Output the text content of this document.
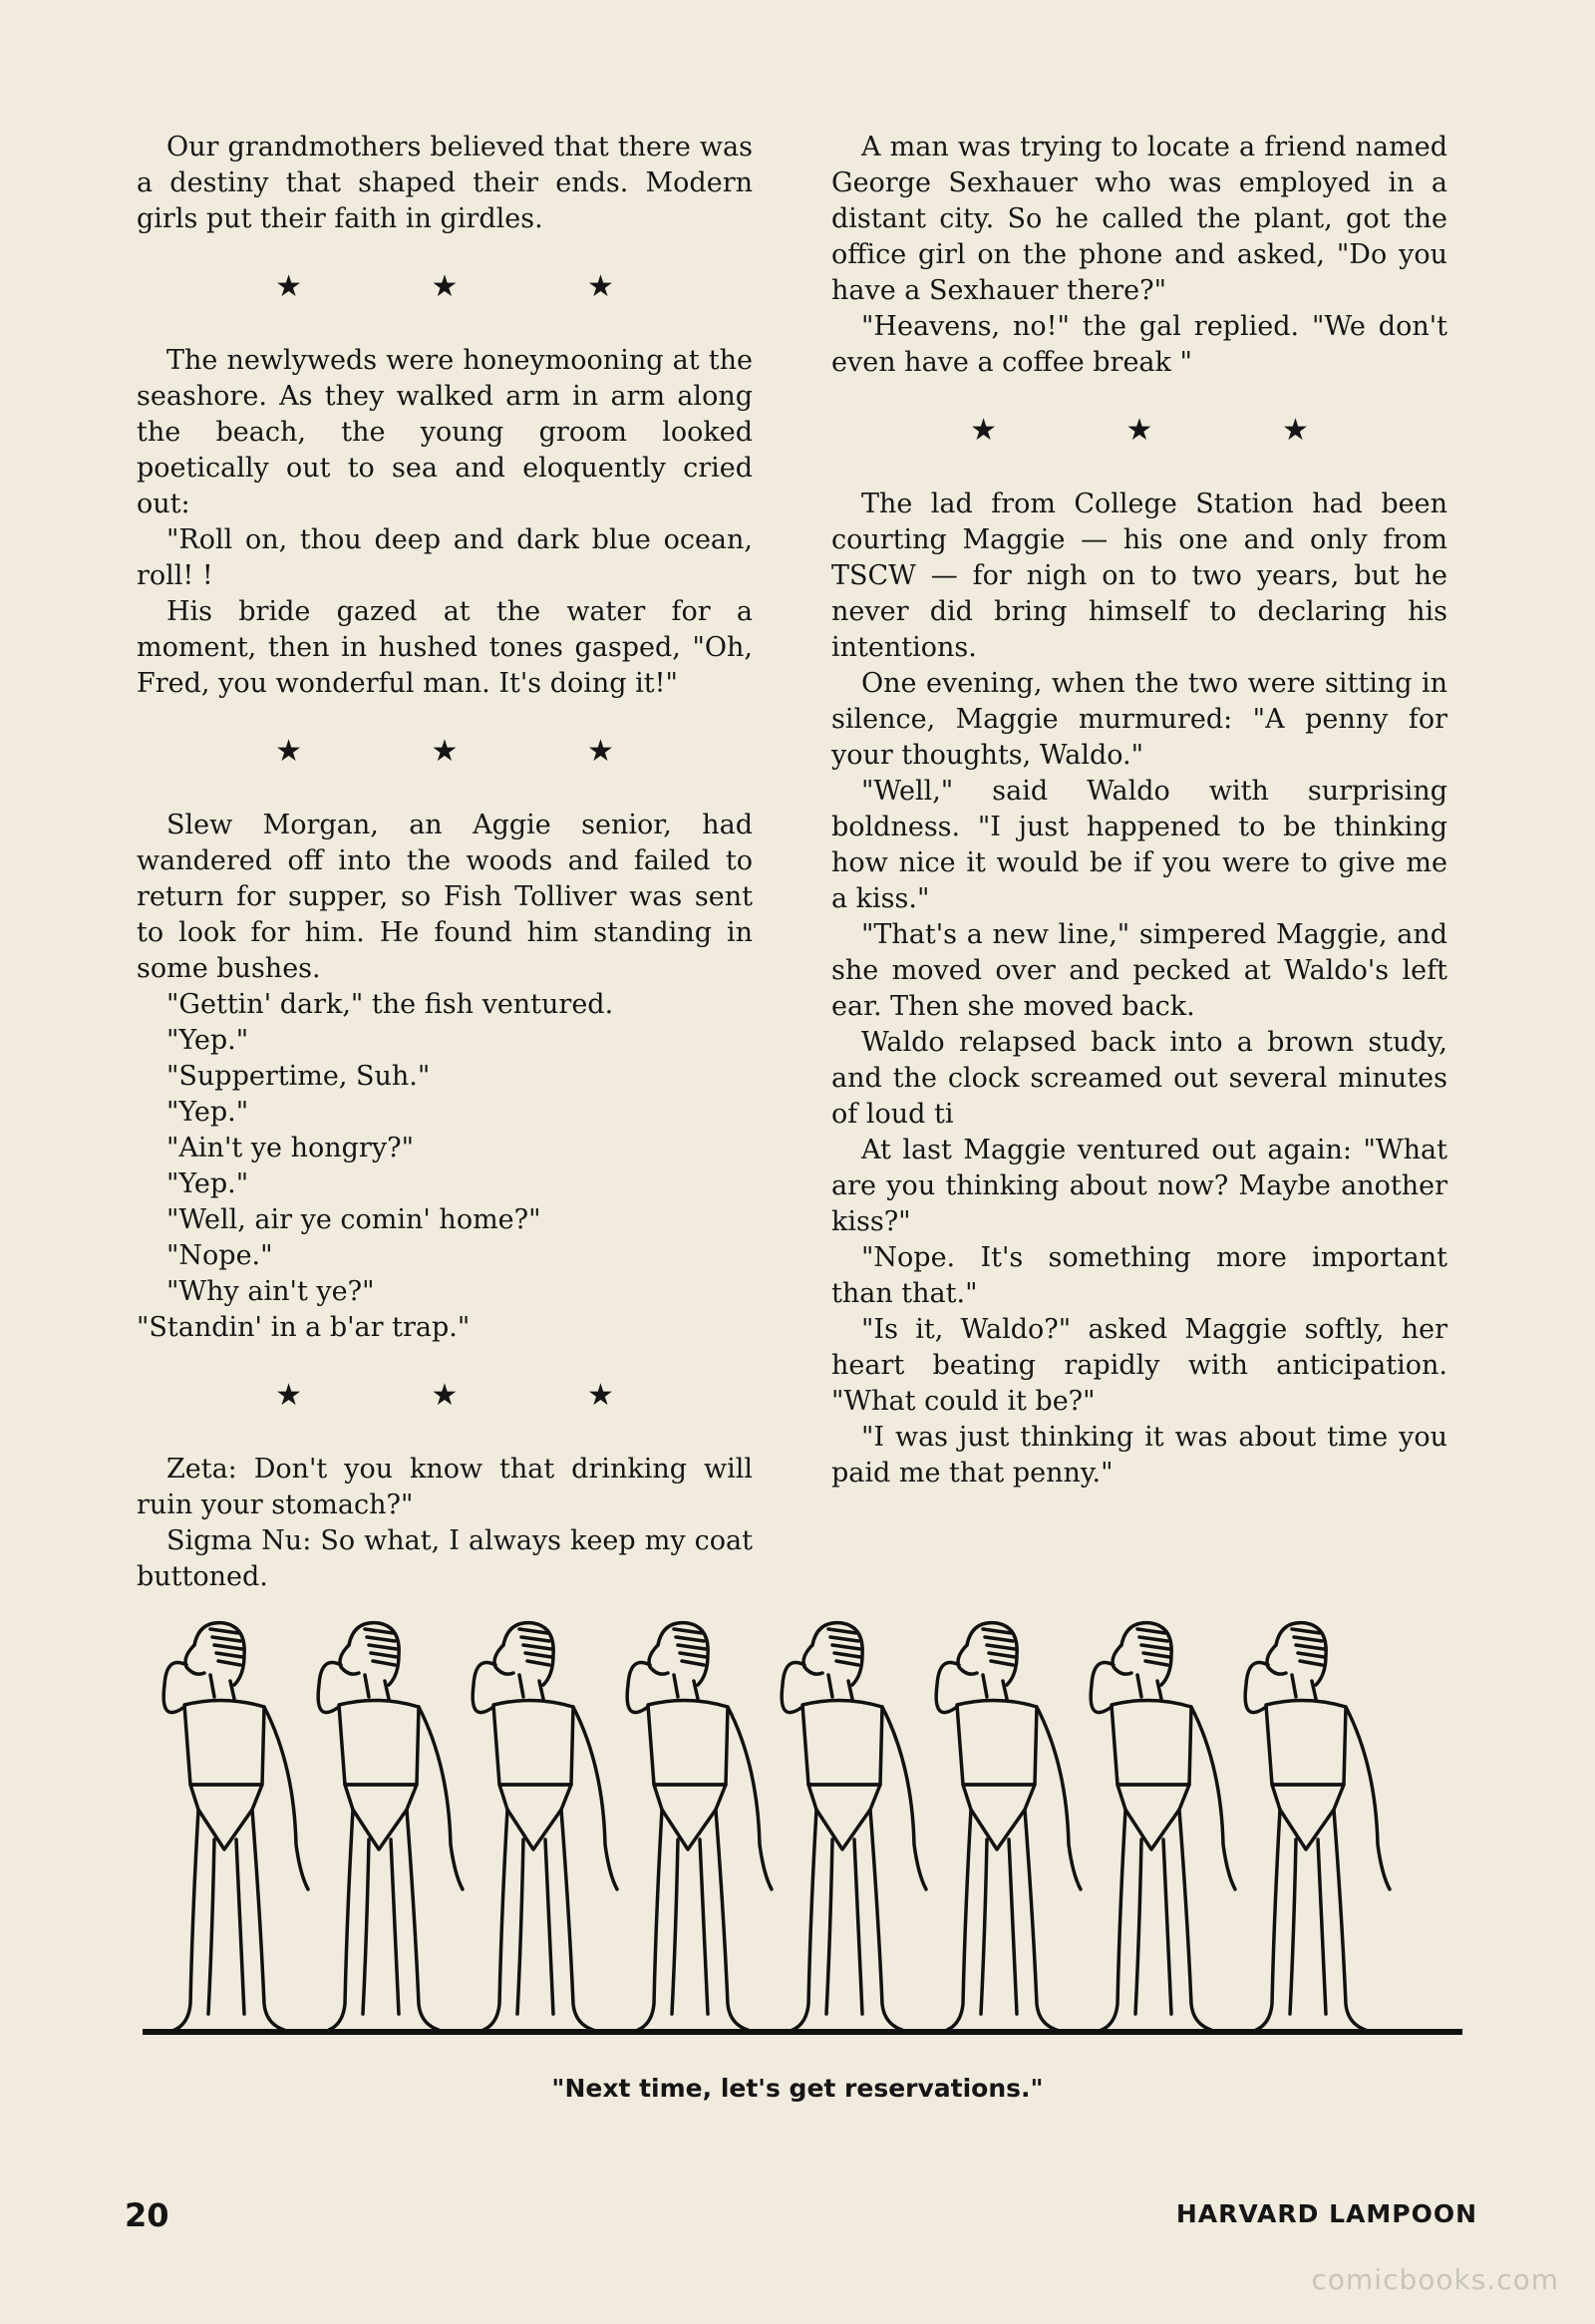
Our grandmothers believed that there was a destiny that shaped their ends. Modern girls put their faith in girdles.

★ ★ ★

The newlyweds were honeymooning at the seashore. As they walked arm in arm along the beach, the young groom looked poetically out to sea and eloquently cried out:

"Roll on, thou deep and dark blue ocean, roll! !

His bride gazed at the water for a moment, then in hushed tones gasped, "Oh, Fred, you wonderful man. It's doing it!"

★ ★ ★

Slew Morgan, an Aggie senior, had wandered off into the woods and failed to return for supper, so Fish Tolliver was sent to look for him. He found him standing in some bushes.

"Gettin' dark," the fish ventured.

"Yep."

"Suppertime, Suh."

"Yep."

"Ain't ye hongry?"

"Yep."

"Well, air ye comin' home?"

"Nope."

"Why ain't ye?"

"Standin' in a b'ar trap."

★ ★ ★

Zeta: Don't you know that drinking will ruin your stomach?"

Sigma Nu: So what, I always keep my coat buttoned.

A man was trying to locate a friend named George Sexhauer who was employed in a distant city. So he called the plant, got the office girl on the phone and asked, "Do you have a Sexhauer there?"

"Heavens, no!" the gal replied. "We don't even have a coffee break "

★ ★ ★

The lad from College Station had been courting Maggie — his one and only from TSCW — for nigh on to two years, but he never did bring himself to declaring his intentions.

One evening, when the two were sitting in silence, Maggie murmured: "A penny for your thoughts, Waldo."

"Well," said Waldo with surprising boldness. "I just happened to be thinking how nice it would be if you were to give me a kiss."

"That's a new line," simpered Maggie, and she moved over and pecked at Waldo's left ear. Then she moved back.

Waldo relapsed back into a brown study, and the clock screamed out several minutes of loud ti

At last Maggie ventured out again: "What are you thinking about now? Maybe another kiss?"

"Nope. It's something more important than that."

"Is it, Waldo?" asked Maggie softly, her heart beating rapidly with anticipation. "What could it be?"

"I was just thinking it was about time you paid me that penny."

"Next time, let's get reservations."
20	HARVARD LAMPOON
comicbooks.com
